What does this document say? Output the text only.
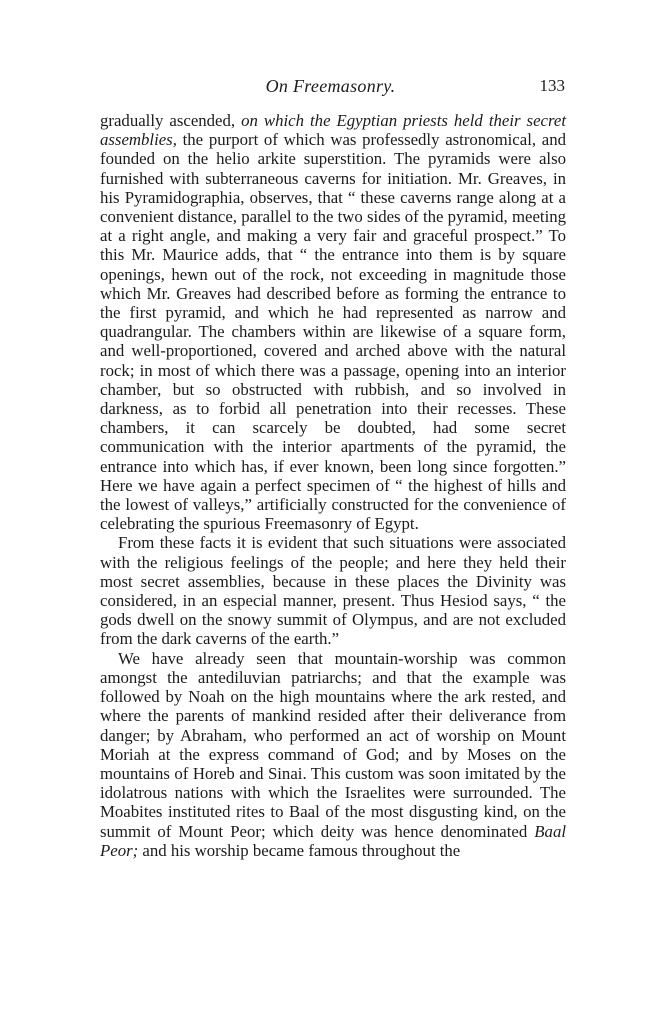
On Freemasonry.	133

gradually ascended, on which the Egyptian priests held their secret assemblies, the purport of which was professedly astronomical, and founded on the helio arkite superstition. The pyramids were also furnished with subterraneous caverns for initiation. Mr. Greaves, in his Pyramidographia, observes, that “ these caverns range along at a convenient distance, parallel to the two sides of the pyramid, meeting at a right angle, and making a very fair and graceful prospect.” To this Mr. Maurice adds, that “ the entrance into them is by square openings, hewn out of the rock, not exceeding in magnitude those which Mr. Greaves had described before as forming the entrance to the first pyramid, and which he had represented as narrow and quadrangular. The chambers within are likewise of a square form, and well-proportioned, covered and arched above with the natural rock; in most of which there was a passage, opening into an interior chamber, but so obstructed with rubbish, and so involved in darkness, as to forbid all penetration into their recesses. These chambers, it can scarcely be doubted, had some secret communication with the interior apartments of the pyramid, the entrance into which has, if ever known, been long since forgotten.” Here we have again a perfect specimen of “ the highest of hills and the lowest of valleys,” artificially constructed for the convenience of celebrating the spurious Freemasonry of Egypt.

From these facts it is evident that such situations were associated with the religious feelings of the people; and here they held their most secret assemblies, because in these places the Divinity was considered, in an especial manner, present. Thus Hesiod says, “ the gods dwell on the snowy summit of Olympus, and are not excluded from the dark caverns of the earth.”

We have already seen that mountain-worship was common amongst the antediluvian patriarchs; and that the example was followed by Noah on the high mountains where the ark rested, and where the parents of mankind resided after their deliverance from danger; by Abraham, who performed an act of worship on Mount Moriah at the express command of God; and by Moses on the mountains of Horeb and Sinai. This custom was soon imitated by the idolatrous nations with which the Israelites were surrounded. The Moabites instituted rites to Baal of the most disgusting kind, on the summit of Mount Peor; which deity was hence denominated Baal Peor; and his worship became famous throughout the
